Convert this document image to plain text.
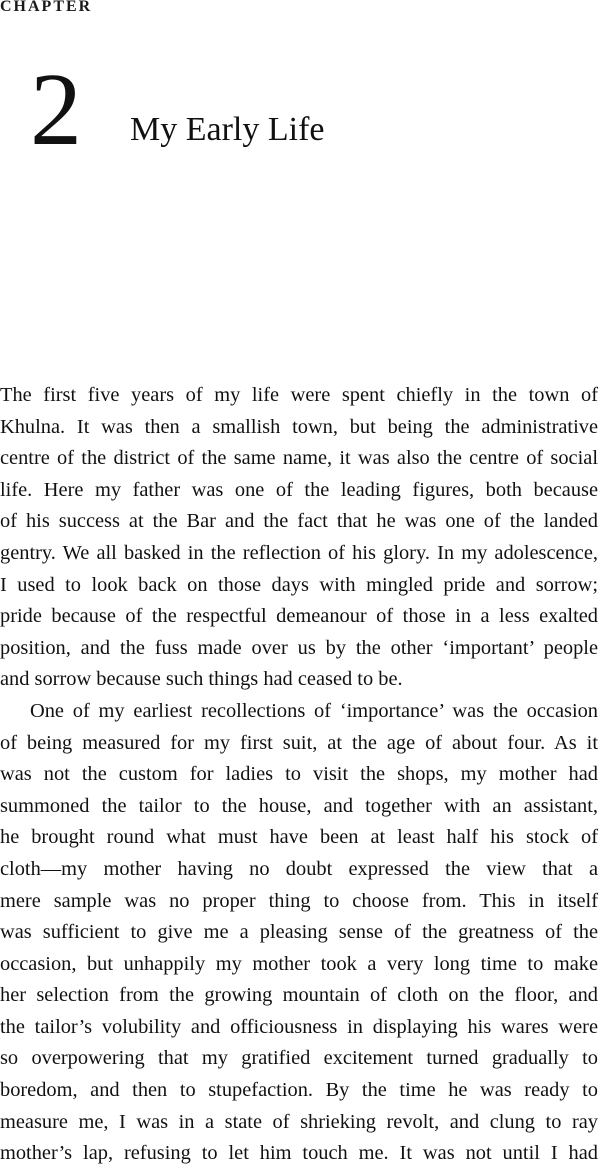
CHAPTER
2 My Early Life

The first five years of my life were spent chiefly in the town of

Khulna. It was then a smallish town, but being the administrative

centre of the district of the same name, it was also the centre of social

life. Here my father was one of the leading figures, both because

of his success at the Bar and the fact that he was one of the landed

gentry. We all basked in the reflection of his glory. In my adolescence,

I used to look back on those days with mingled pride and sorrow;

pride because of the respectful demeanour of those in a less exalted

position, and the fuss made over us by the other ‘important’ people

and sorrow because such things had ceased to be.

One of my earliest recollections of ‘importance’ was the occasion

of being measured for my first suit, at the age of about four. As it

was not the custom for ladies to visit the shops, my mother had

summoned the tailor to the house, and together with an assistant,

he brought round what must have been at least half his stock of

cloth—my mother having no doubt expressed the view that a

mere sample was no proper thing to choose from. This in itself

was sufficient to give me a pleasing sense of the greatness of the

occasion, but unhappily my mother took a very long time to make

her selection from the growing mountain of cloth on the floor, and

the tailor’s volubility and officiousness in displaying his wares were

so overpowering that my gratified excitement turned gradually to

boredom, and then to stupefaction. By the time he was ready to

measure me, I was in a state of shrieking revolt, and clung to ray

mother’s lap, refusing to let him touch me. It was not until I had
